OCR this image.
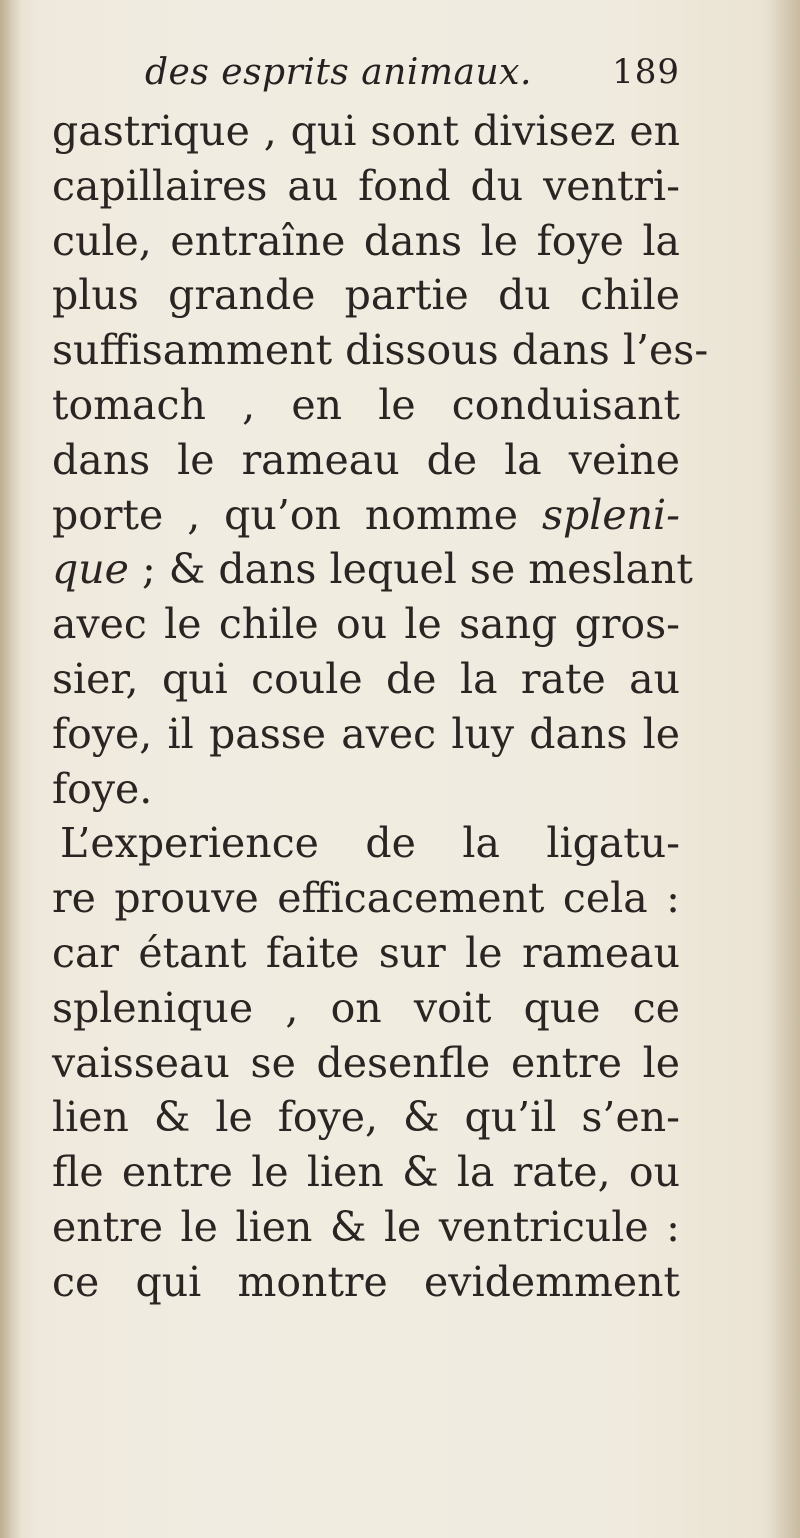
des esprits animaux. 189
gastrique , qui sont divisez en
capillaires au fond du ventri-
cule, entraîne dans le foye la
plus grande partie du chile
suffisamment dissous dans l’es-
tomach , en le conduisant
dans le rameau de la veine
porte , qu’on nomme spleni-
que ; & dans lequel se meslant
avec le chile ou le sang gros-
sier, qui coule de la rate au
foye, il passe avec luy dans le
foye.
L’experience de la ligatu-
re prouve efficacement cela :
car étant faite sur le rameau
splenique , on voit que ce
vaisseau se desenfle entre le
lien & le foye, & qu’il s’en-
fle entre le lien & la rate, ou
entre le lien & le ventricule :
ce qui montre evidemment
